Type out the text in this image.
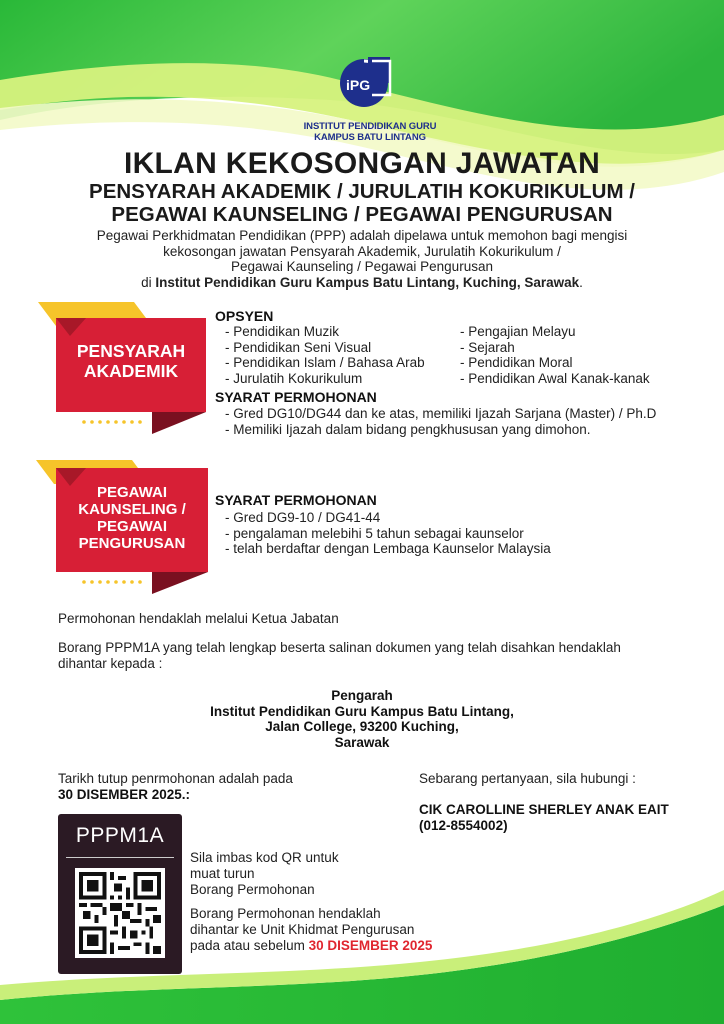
iPG
INSTITUT PENDIDIKAN GURU
KAMPUS BATU LINTANG
IKLAN KEKOSONGAN JAWATAN
PENSYARAH AKADEMIK / JURULATIH KOKURIKULUM /
PEGAWAI KAUNSELING / PEGAWAI PENGURUSAN
Pegawai Perkhidmatan Pendidikan (PPP) adalah dipelawa untuk memohon bagi mengisi
kekosongan jawatan Pensyarah Akademik, Jurulatih Kokurikulum /
Pegawai Kaunseling / Pegawai Pengurusan
di Institut Pendidikan Guru Kampus Batu Lintang, Kuching, Sarawak.
PENSYARAH
AKADEMIK
OPSYEN
- Pendidikan Muzik
- Pendidikan Seni Visual
- Pendidikan Islam / Bahasa Arab
- Jurulatih Kokurikulum
- Pengajian Melayu
- Sejarah
- Pendidikan Moral
- Pendidikan Awal Kanak-kanak
SYARAT PERMOHONAN
- Gred DG10/DG44 dan ke atas, memiliki Ijazah Sarjana (Master) / Ph.D
- Memiliki Ijazah dalam bidang pengkhususan yang dimohon.
PEGAWAI
KAUNSELING /
PEGAWAI
PENGURUSAN
SYARAT PERMOHONAN
- Gred DG9-10 / DG41-44
- pengalaman melebihi 5 tahun sebagai kaunselor
- telah berdaftar dengan Lembaga Kaunselor Malaysia
Permohonan hendaklah melalui Ketua Jabatan
Borang PPPM1A yang telah lengkap beserta salinan dokumen yang telah disahkan hendaklah
dihantar kepada :
Pengarah
Institut Pendidikan Guru Kampus Batu Lintang,
Jalan College, 93200 Kuching,
Sarawak
Tarikh tutup penrmohonan adalah pada
30 DISEMBER 2025.:
Sebarang pertanyaan, sila hubungi :
CIK CAROLLINE SHERLEY ANAK EAIT
(012-8554002)
PPPM1A
Sila imbas kod QR untuk
muat turun
Borang Permohonan
Borang Permohonan hendaklah
dihantar ke Unit Khidmat Pengurusan
pada atau sebelum 30 DISEMBER 2025
